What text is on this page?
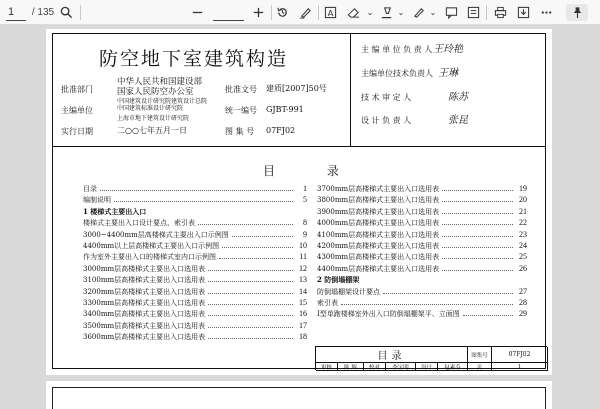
1	/ 135	A	⌄	⌄	⌄
防空地下室建筑构造
批准部门
中华人民共和国建设部
国家人民防空办公室
主编单位
中国建筑设计研究院建筑设计总院
中国建筑标准设计研究院
上海市地下建筑设计研究院
实行日期	二○○七年五月一日
批准文号 建质[2007]50号
统一编号 GJBT-991
图 集 号 07FJ02
主 编 单 位 负 责 人 王玲艳
主编单位技术负责人 王琳
技 术 审 定 人	陈苏
设 计 负 责 人	张昆
目 录
目录	1
编制说明	5
1 楼梯式主要出入口
楼梯式主要出入口设计要点、索引表	8
3000~4400mm层高楼梯式主要出入口示例图	9
4400mm以上层高楼梯式主要出入口示例图	10
作为室外主要出入口的楼梯式室内口示例图	11
3000mm层高楼梯式主要出入口选用表	12
3100mm层高楼梯式主要出入口选用表	13
3200mm层高楼梯式主要出入口选用表	14
3300mm层高楼梯式主要出入口选用表	15
3400mm层高楼梯式主要出入口选用表	16
3500mm层高楼梯式主要出入口选用表	17
3600mm层高楼梯式主要出入口选用表	18
3700mm层高楼梯式主要出入口选用表	19
3800mm层高楼梯式主要出入口选用表	20
3900mm层高楼梯式主要出入口选用表	21
4000mm层高楼梯式主要出入口选用表	22
4100mm层高楼梯式主要出入口选用表	23
4200mm层高楼梯式主要出入口选用表	24
4300mm层高楼梯式主要出入口选用表	25
4400mm层高楼梯式主要出入口选用表	26
2 防倒塌棚架
防倒塌棚架设计要点	27
索引表	28
Ⅰ型单跑楼梯室外出入口防倒塌棚架平、立面图	29
目录	图集号	07FJ02
审核	陈 辉	校对	李宝明	设计	赵素芬	页	1
